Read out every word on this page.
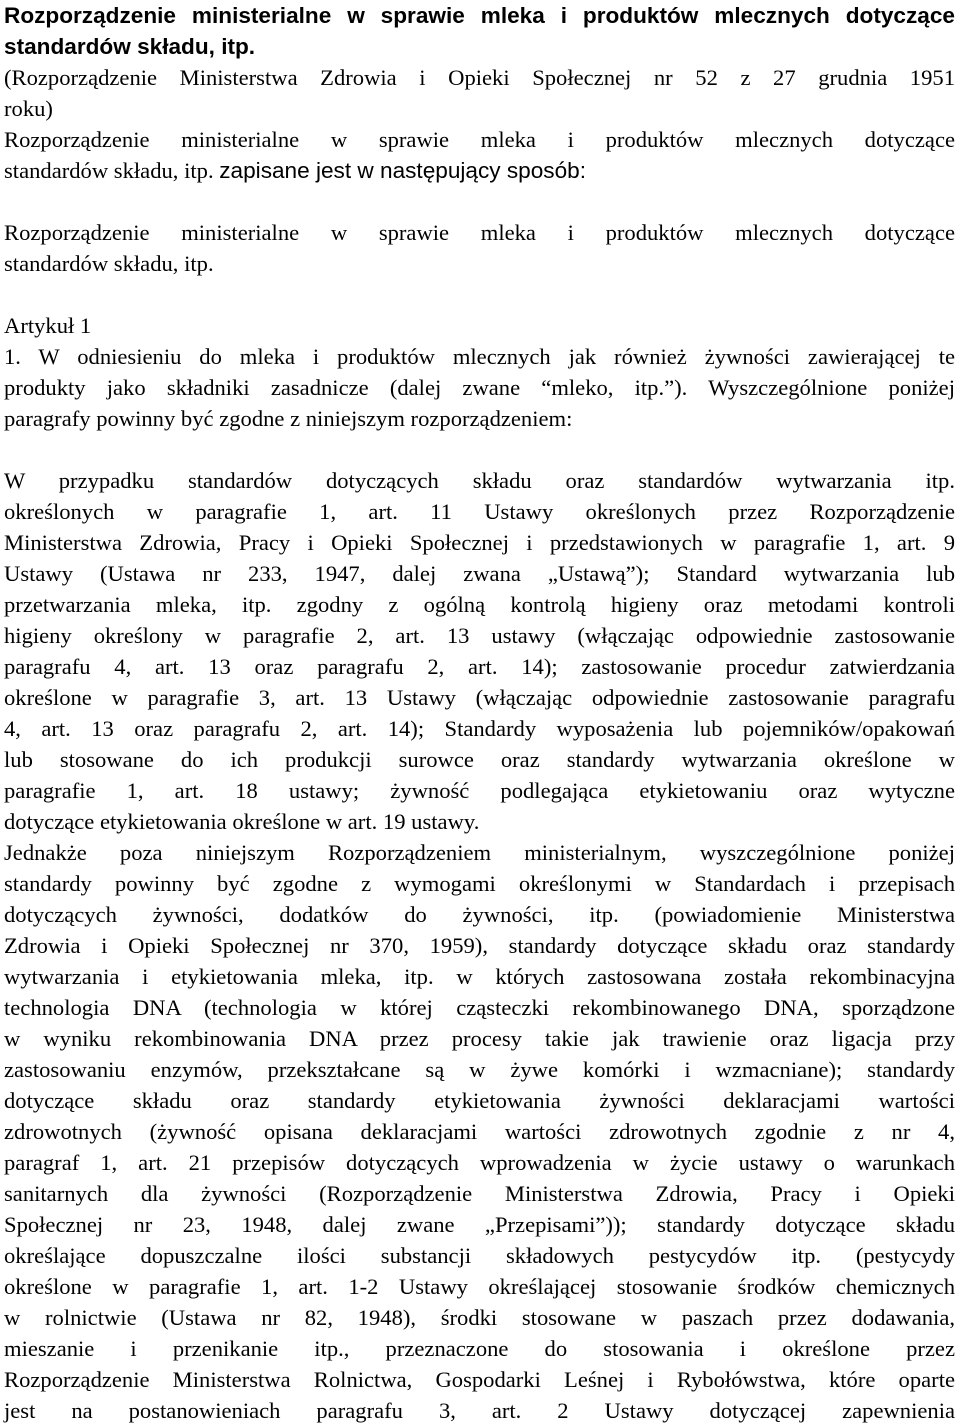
Rozporządzenie ministerialne w sprawie mleka i produktów mlecznych dotyczące
standardów składu, itp.
(Rozporządzenie Ministerstwa Zdrowia i Opieki Społecznej nr 52 z 27 grudnia 1951
roku)
Rozporządzenie ministerialne w sprawie mleka i produktów mlecznych dotyczące
standardów składu, itp. zapisane jest w następujący sposób:
Rozporządzenie ministerialne w sprawie mleka i produktów mlecznych dotyczące
standardów składu, itp.
Artykuł 1
1. W odniesieniu do mleka i produktów mlecznych jak również żywności zawierającej te
produkty jako składniki zasadnicze (dalej zwane “mleko, itp.”). Wyszczególnione poniżej
paragrafy powinny być zgodne z niniejszym rozporządzeniem:
W przypadku standardów dotyczących składu oraz standardów wytwarzania itp.
określonych w paragrafie 1, art. 11 Ustawy określonych przez Rozporządzenie
Ministerstwa Zdrowia, Pracy i Opieki Społecznej i przedstawionych w paragrafie 1, art. 9
Ustawy (Ustawa nr 233, 1947, dalej zwana „Ustawą”); Standard wytwarzania lub
przetwarzania mleka, itp. zgodny z ogólną kontrolą higieny oraz metodami kontroli
higieny określony w paragrafie 2, art. 13 ustawy (włączając odpowiednie zastosowanie
paragrafu 4, art. 13 oraz paragrafu 2, art. 14); zastosowanie procedur zatwierdzania
określone w paragrafie 3, art. 13 Ustawy (włączając odpowiednie zastosowanie paragrafu
4, art. 13 oraz paragrafu 2, art. 14); Standardy wyposażenia lub pojemników/opakowań
lub stosowane do ich produkcji surowce oraz standardy wytwarzania określone w
paragrafie 1, art. 18 ustawy; żywność podlegająca etykietowaniu oraz wytyczne
dotyczące etykietowania określone w art. 19 ustawy.
Jednakże poza niniejszym Rozporządzeniem ministerialnym, wyszczególnione poniżej
standardy powinny być zgodne z wymogami określonymi w Standardach i przepisach
dotyczących żywności, dodatków do żywności, itp. (powiadomienie Ministerstwa
Zdrowia i Opieki Społecznej nr 370, 1959), standardy dotyczące składu oraz standardy
wytwarzania i etykietowania mleka, itp. w których zastosowana została rekombinacyjna
technologia DNA (technologia w której cząsteczki rekombinowanego DNA, sporządzone
w wyniku rekombinowania DNA przez procesy takie jak trawienie oraz ligacja przy
zastosowaniu enzymów, przekształcane są w żywe komórki i wzmacniane); standardy
dotyczące składu oraz standardy etykietowania żywności deklaracjami wartości
zdrowotnych (żywność opisana deklaracjami wartości zdrowotnych zgodnie z nr 4,
paragraf 1, art. 21 przepisów dotyczących wprowadzenia w życie ustawy o warunkach
sanitarnych dla żywności (Rozporządzenie Ministerstwa Zdrowia, Pracy i Opieki
Społecznej nr 23, 1948, dalej zwane „Przepisami”)); standardy dotyczące składu
określające dopuszczalne ilości substancji składowych pestycydów itp. (pestycydy
określone w paragrafie 1, art. 1-2 Ustawy określającej stosowanie środków chemicznych
w rolnictwie (Ustawa nr 82, 1948), środki stosowane w paszach przez dodawania,
mieszanie i przenikanie itp., przeznaczone do stosowania i określone przez
Rozporządzenie Ministerstwa Rolnictwa, Gospodarki Leśnej i Rybołówstwa, które oparte
jest na postanowieniach paragrafu 3, art. 2 Ustawy dotyczącej zapewnienia
